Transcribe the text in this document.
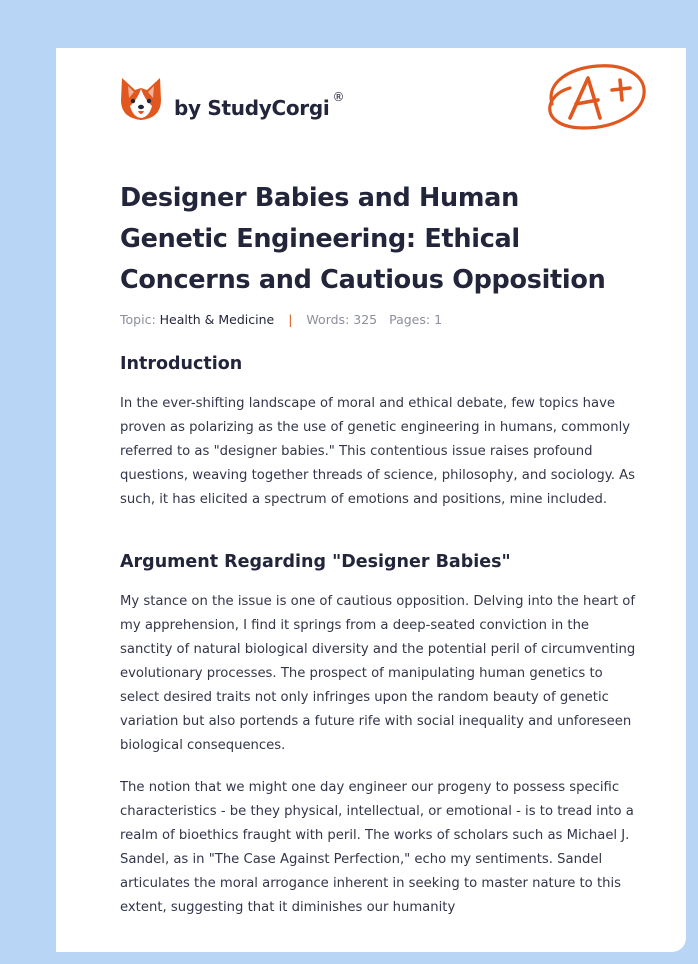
by StudyCorgi ®
Designer Babies and Human Genetic Engineering: Ethical Concerns and Cautious Opposition
Topic: Health & Medicine | Words: 325 Pages: 1
Introduction

In the ever-shifting landscape of moral and ethical debate, few topics have proven as polarizing as the use of genetic engineering in humans, commonly referred to as "designer babies." This contentious issue raises profound questions, weaving together threads of science, philosophy, and sociology. As such, it has elicited a spectrum of emotions and positions, mine included.

Argument Regarding "Designer Babies"

My stance on the issue is one of cautious opposition. Delving into the heart of my apprehension, I find it springs from a deep-seated conviction in the sanctity of natural biological diversity and the potential peril of circumventing evolutionary processes. The prospect of manipulating human genetics to select desired traits not only infringes upon the random beauty of genetic variation but also portends a future rife with social inequality and unforeseen biological consequences.

The notion that we might one day engineer our progeny to possess specific characteristics - be they physical, intellectual, or emotional - is to tread into a realm of bioethics fraught with peril. The works of scholars such as Michael J. Sandel, as in "The Case Against Perfection," echo my sentiments. Sandel articulates the moral arrogance inherent in seeking to master nature to this extent, suggesting that it diminishes our humanity
